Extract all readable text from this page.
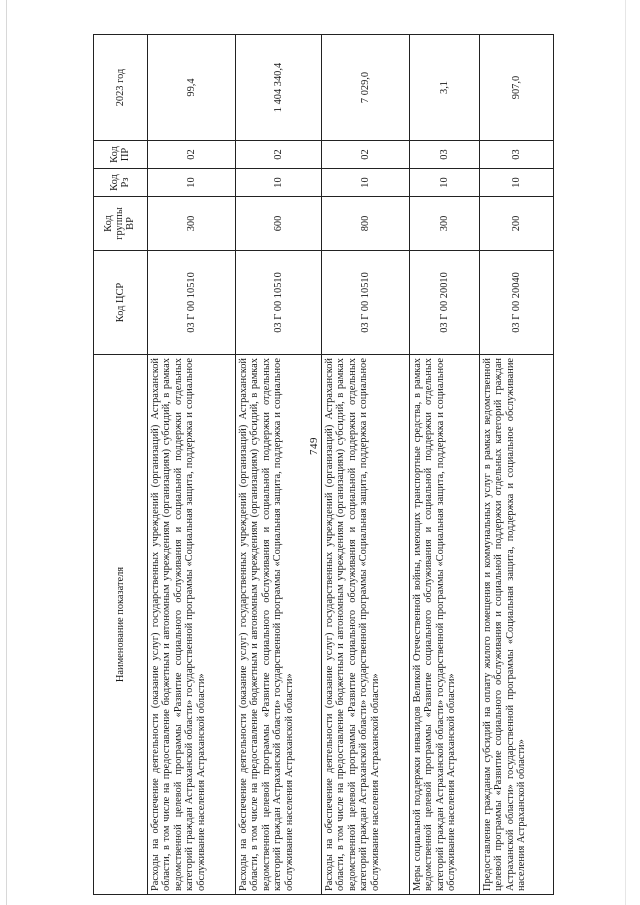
749
Наименование показателя	Код ЦСР	Код группы ВР	Код Рз	Код ПР	2023 год
Расходы на обеспечение деятельности (оказание услуг) государственных учреждений (организаций) Астраханской области, в том числе на предоставление бюджетным и автономным учреждениям (организациям) субсидий, в рамках ведомственной целевой программы «Развитие социального обслуживания и социальной поддержки отдельных категорий граждан Астраханской области» государственной программы «Социальная защита, поддержка и социальное обслуживание населения Астраханской области»	03 Г 00 10510	300	10	02	99,4
Расходы на обеспечение деятельности (оказание услуг) государственных учреждений (организаций) Астраханской области, в том числе на предоставление бюджетным и автономным учреждениям (организациям) субсидий, в рамках ведомственной целевой программы «Развитие социального обслуживания и социальной поддержки отдельных категорий граждан Астраханской области» государственной программы «Социальная защита, поддержка и социальное обслуживание населения Астраханской области»	03 Г 00 10510	600	10	02	1 404 340,4
Расходы на обеспечение деятельности (оказание услуг) государственных учреждений (организаций) Астраханской области, в том числе на предоставление бюджетным и автономным учреждениям (организациям) субсидий, в рамках ведомственной целевой программы «Развитие социального обслуживания и социальной поддержки отдельных категорий граждан Астраханской области» государственной программы «Социальная защита, поддержка и социальное обслуживание населения Астраханской области»	03 Г 00 10510	800	10	02	7 029,0
Меры социальной поддержки инвалидов Великой Отечественной войны, имеющих транспортные средства, в рамках ведомственной целевой программы «Развитие социального обслуживания и социальной поддержки отдельных категорий граждан Астраханской области» государственной программы «Социальная защита, поддержка и социальное обслуживание населения Астраханской области»	03 Г 00 20010	300	10	03	3,1
Предоставление гражданам субсидий на оплату жилого помещения и коммунальных услуг в рамках ведомственной целевой программы «Развитие социального обслуживания и социальной поддержки отдельных категорий граждан Астраханской области» государственной программы «Социальная защита, поддержка и социальное обслуживание населения Астраханской области»	03 Г 00 20040	200	10	03	907,0
